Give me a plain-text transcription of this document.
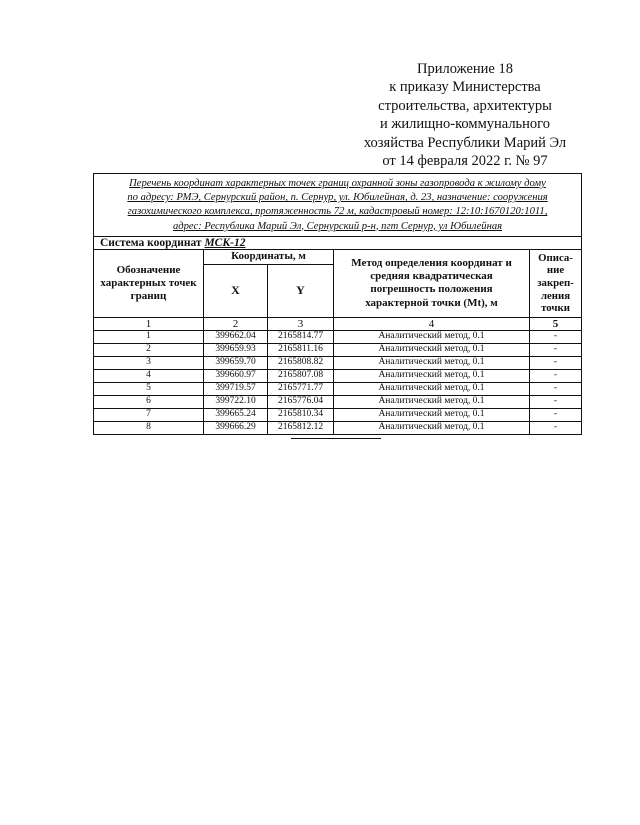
Приложение 18
к приказу Министерства
строительства, архитектуры
и жилищно-коммунального
хозяйства Республики Марий Эл
от 14 февраля 2022 г. № 97
Перечень координат характерных точек границ охранной зоны газопровода к жилому дому
по адресу: РМЭ, Сернурский район, п. Сернур, ул. Юбилейная, д. 23, назначение: сооружения
газохимического комплекса, протяженность 72 м, кадастровый номер: 12:10:1670120:1011,
адрес: Республика Марий Эл, Сернурский р-н, пгт Сернур, ул Юбилейная				

Система координат МСК-12				
Обозначение характерных точек границ	Координаты, м		Метод определения координат и средняя квадратическая погрешность положения характерной точки (Mt), м	Описа-ние закреп-ления точки
	X	Y		
1	2	3	4	5
1	399662.04	2165814.77	Аналитический метод, 0.1	-
2	399659.93	2165811.16	Аналитический метод, 0.1	-
3	399659.70	2165808.82	Аналитический метод, 0.1	-
4	399660.97	2165807.08	Аналитический метод, 0.1	-
5	399719.57	2165771.77	Аналитический метод, 0.1	-
6	399722.10	2165776.04	Аналитический метод, 0.1	-
7	399665.24	2165810.34	Аналитический метод, 0.1	-
8	399666.29	2165812.12	Аналитический метод, 0.1	-
